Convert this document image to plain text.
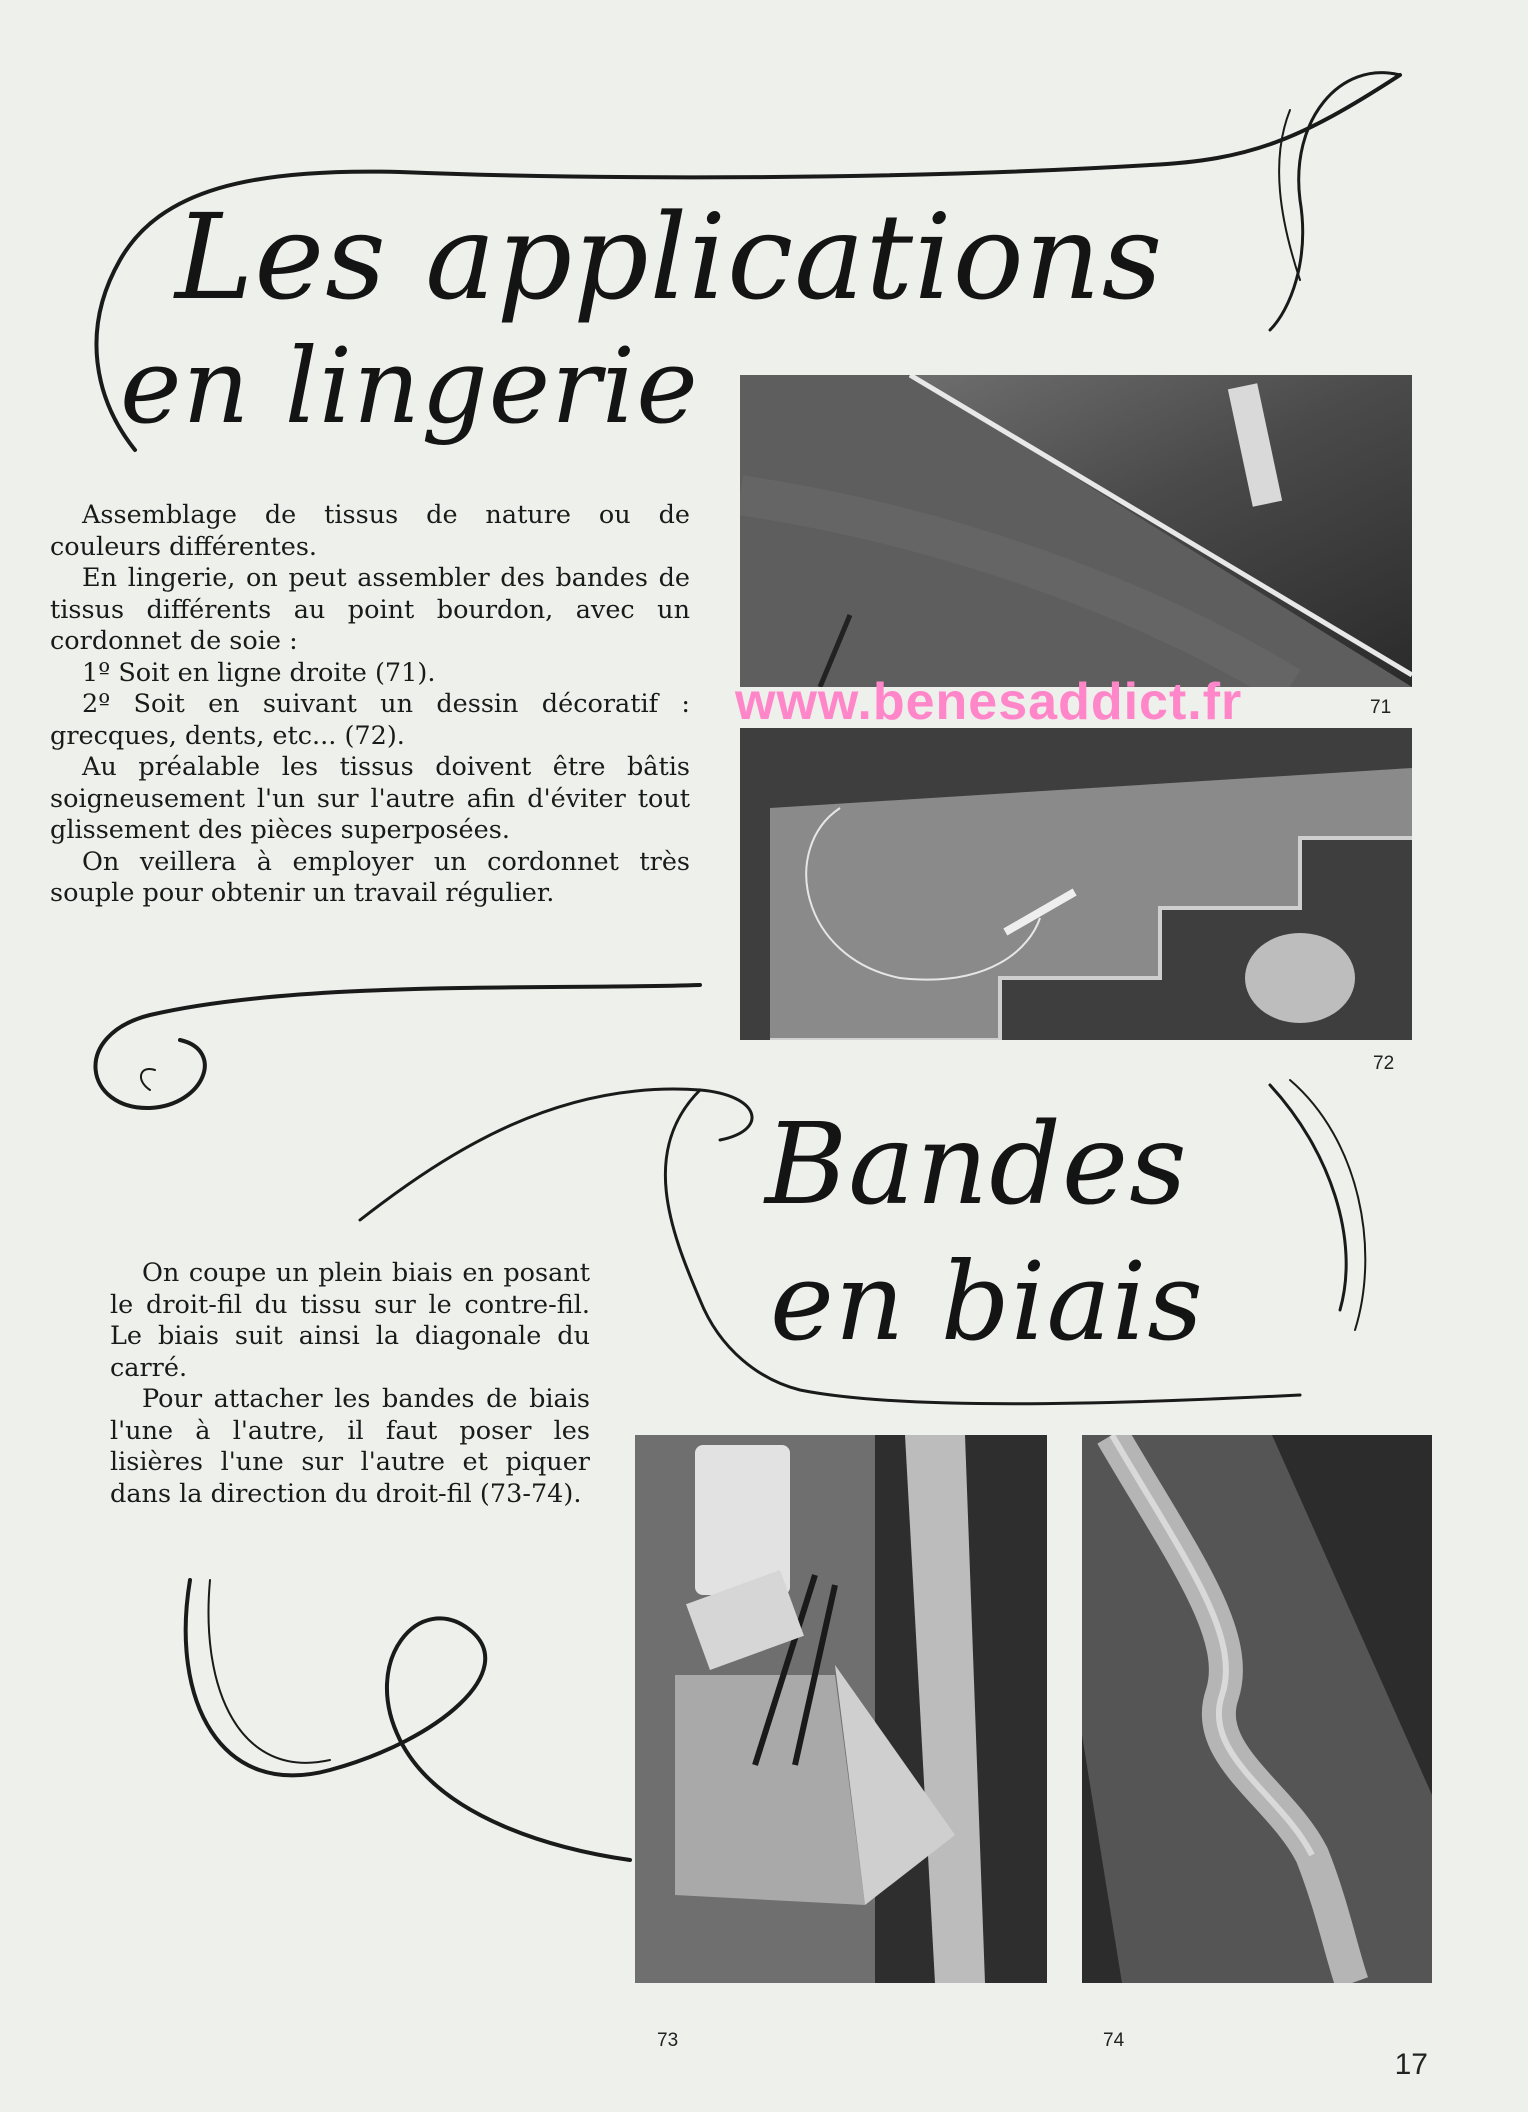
Les applications
en lingerie

Assemblage de tissus de nature ou de couleurs différentes.

En lingerie, on peut assembler des bandes de tissus différents au point bourdon, avec un cordonnet de soie :

1º Soit en ligne droite (71).

2º Soit en suivant un dessin décoratif : grecques, dents, etc... (72).

Au préalable les tissus doivent être bâtis soigneusement l'un sur l'autre afin d'éviter tout glissement des pièces superposées.

On veillera à employer un cordonnet très souple pour obtenir un travail régulier.

71
72
www.benesaddict.fr
Bandes
en biais

On coupe un plein biais en posant le droit-fil du tissu sur le contre-fil. Le biais suit ainsi la diagonale du carré.

Pour attacher les bandes de biais l'une à l'autre, il faut poser les lisières l'une sur l'autre et piquer dans la direction du droit-fil (73-74).

73	74
17
